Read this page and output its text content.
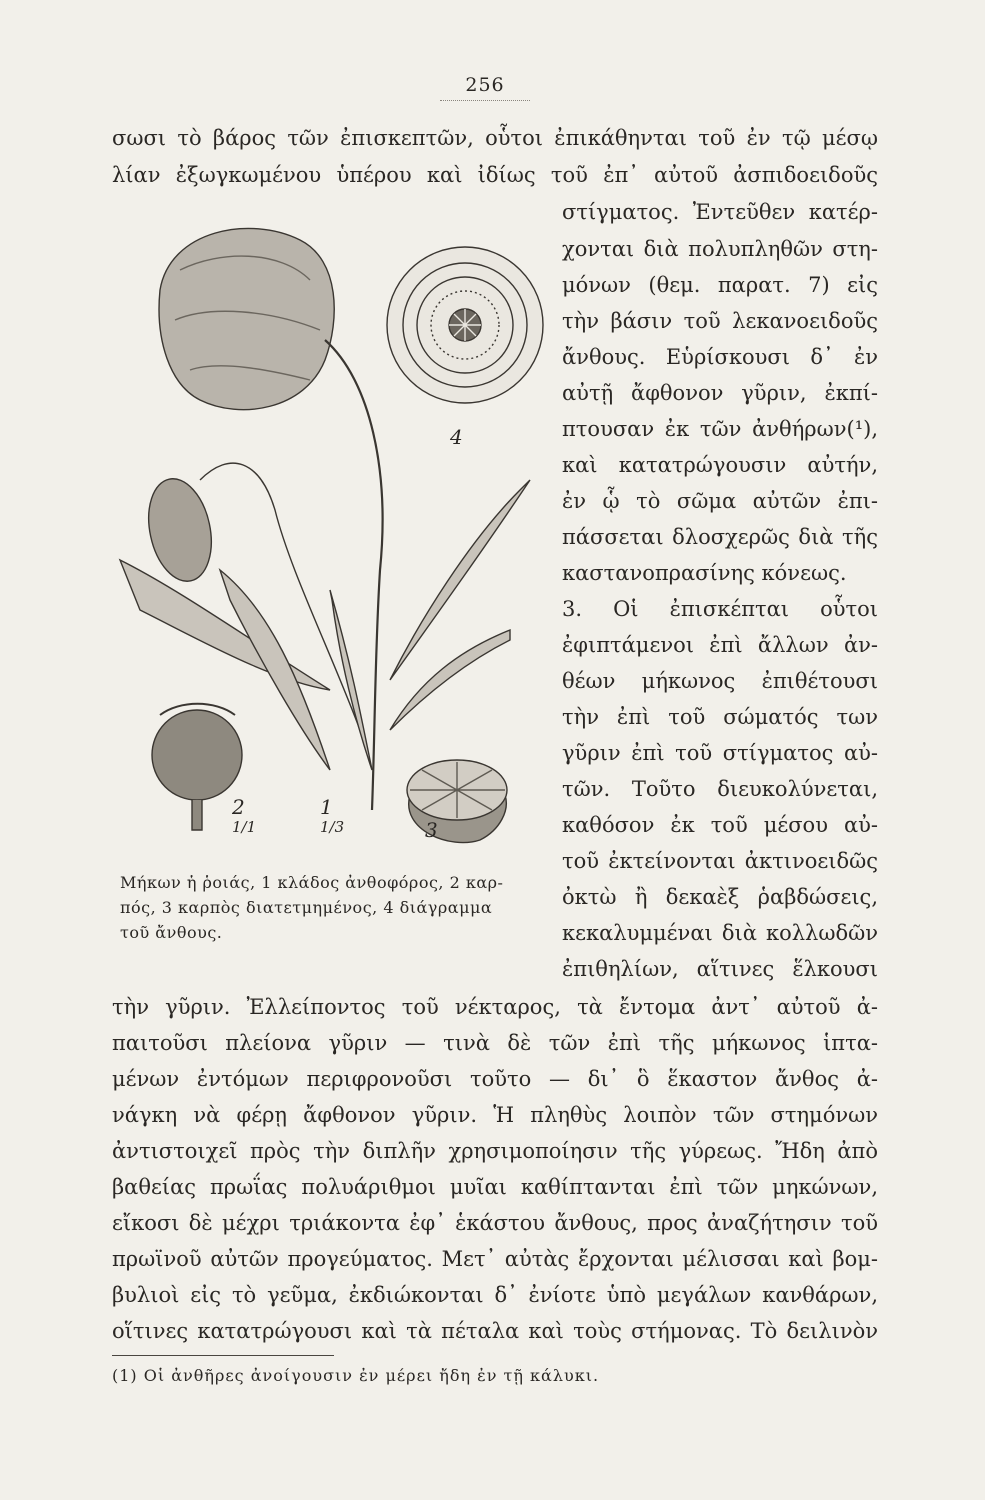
256
σωσι τὸ βάρος τῶν ἐπισκεπτῶν, οὗτοι ἐπικάθηνται τοῦ ἐν τῷ μέσῳ
λίαν ἐξωγκωμένου ὑπέρου καὶ ἰδίως τοῦ ἐπ᾽ αὐτοῦ ἀσπιδοειδοῦς
4
2
1/1
1
1/3	3
στίγματος. Ἐντεῦθεν κατέρ-
χονται διὰ πολυπληθῶν στη-
μόνων (θεμ. παρατ. 7) εἰς
τὴν βάσιν τοῦ λεκανοειδοῦς
ἄνθους. Εὑρίσκουσι δ᾽ ἐν
αὐτῇ ἄφθονον γῦριν, ἐκπί-
πτουσαν ἐκ τῶν ἀνθήρων(¹),
καὶ κατατρώγουσιν αὐτήν,
ἐν ᾧ τὸ σῶμα αὐτῶν ἐπι-
πάσσεται δλοσχερῶς διὰ τῆς
καστανοπρασίνης κόνεως.
3. Οἱ ἐπισκέπται οὗτοι
ἐφιπτάμενοι ἐπὶ ἄλλων ἀν-
θέων μήκωνος ἐπιθέτουσι
τὴν ἐπὶ τοῦ σώματός των
γῦριν ἐπὶ τοῦ στίγματος αὐ-
τῶν. Τοῦτο διευκολύνεται,
καθόσον ἐκ τοῦ μέσου αὐ-
τοῦ ἐκτείνονται ἀκτινοειδῶς
ὀκτὼ ἢ δεκαὲξ ῥαβδώσεις,
κεκαλυμμέναι διὰ κολλωδῶν
ἐπιθηλίων, αἵτινες ἕλκουσι
Μήκων ἡ ῥοιάς, 1 κλάδος ἀνθοφόρος, 2 καρ-
πός, 3 καρπὸς διατετμημένος, 4 διάγραμμα
τοῦ ἄνθους.
τὴν γῦριν. Ἐλλείποντος τοῦ νέκταρος, τὰ ἔντομα ἀντ᾽ αὐτοῦ ἀ-
παιτοῦσι πλείονα γῦριν — τινὰ δὲ τῶν ἐπὶ τῆς μήκωνος ἱπτα-
μένων ἐντόμων περιφρονοῦσι τοῦτο — δι᾽ ὃ ἕκαστον ἄνθος ἀ-
νάγκη νὰ φέρῃ ἄφθονον γῦριν. Ἡ πληθὺς λοιπὸν τῶν στημόνων
ἀντιστοιχεῖ πρὸς τὴν διπλῆν χρησιμοποίησιν τῆς γύρεως. Ἤδη ἀπὸ
βαθείας πρωΐας πολυάριθμοι μυῖαι καθίπτανται ἐπὶ τῶν μηκώνων,
εἴκοσι δὲ μέχρι τριάκοντα ἐφ᾽ ἑκάστου ἄνθους, προς ἀναζήτησιν τοῦ
πρωϊνοῦ αὐτῶν προγεύματος. Μετ᾽ αὐτὰς ἔρχονται μέλισσαι καὶ βομ-
βυλιοὶ εἰς τὸ γεῦμα, ἐκδιώκονται δ᾽ ἐνίοτε ὑπὸ μεγάλων κανθάρων,
οἵτινες κατατρώγουσι καὶ τὰ πέταλα καὶ τοὺς στήμονας. Τὸ δειλινὸν
(1) Οἱ ἀνθῆρες ἀνοίγουσιν ἐν μέρει ἤδη ἐν τῇ κάλυκι.
